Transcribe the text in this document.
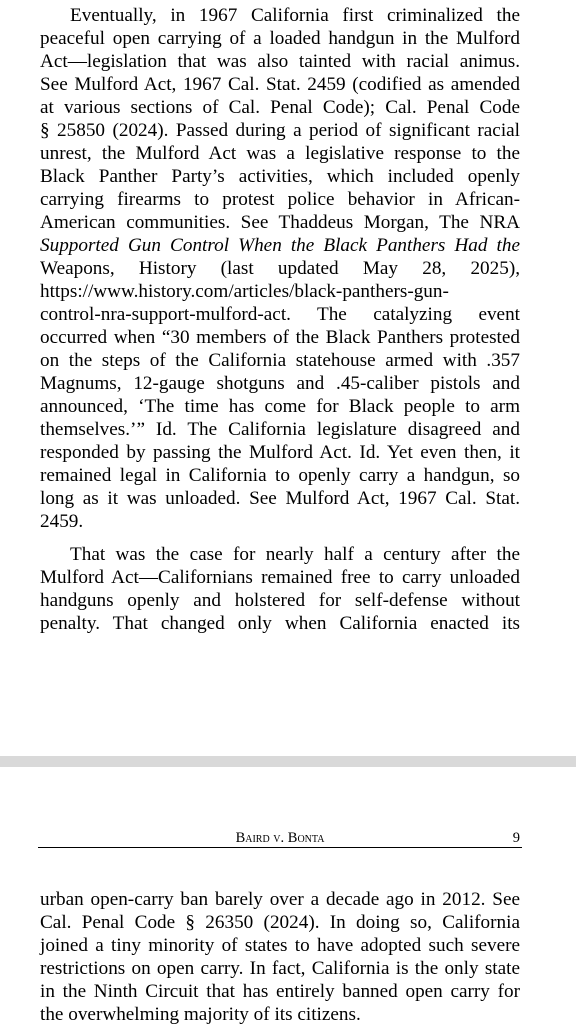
Eventually, in 1967 California first criminalized the
peaceful open carrying of a loaded handgun in the Mulford
Act—legislation that was also tainted with racial animus.
See Mulford Act, 1967 Cal. Stat. 2459 (codified as amended
at various sections of Cal. Penal Code); Cal. Penal Code
§ 25850 (2024). Passed during a period of significant racial
unrest, the Mulford Act was a legislative response to the
Black Panther Party’s activities, which included openly
carrying firearms to protest police behavior in African-
American communities. See Thaddeus Morgan, The NRA
Supported Gun Control When the Black Panthers Had the
Weapons, History (last updated May 28, 2025),
https://www.history.com/articles/black-panthers-gun-
control-nra-support-mulford-act. The catalyzing event
occurred when “30 members of the Black Panthers protested
on the steps of the California statehouse armed with .357
Magnums, 12-gauge shotguns and .45-caliber pistols and
announced, ‘The time has come for Black people to arm
themselves.’” Id. The California legislature disagreed and
responded by passing the Mulford Act. Id. Yet even then, it
remained legal in California to openly carry a handgun, so
long as it was unloaded. See Mulford Act, 1967 Cal. Stat.
2459.
That was the case for nearly half a century after the
Mulford Act—Californians remained free to carry unloaded
handguns openly and holstered for self-defense without
penalty. That changed only when California enacted its
Baird v. Bonta	9
urban open-carry ban barely over a decade ago in 2012. See
Cal. Penal Code § 26350 (2024). In doing so, California
joined a tiny minority of states to have adopted such severe
restrictions on open carry. In fact, California is the only state
in the Ninth Circuit that has entirely banned open carry for
the overwhelming majority of its citizens.
